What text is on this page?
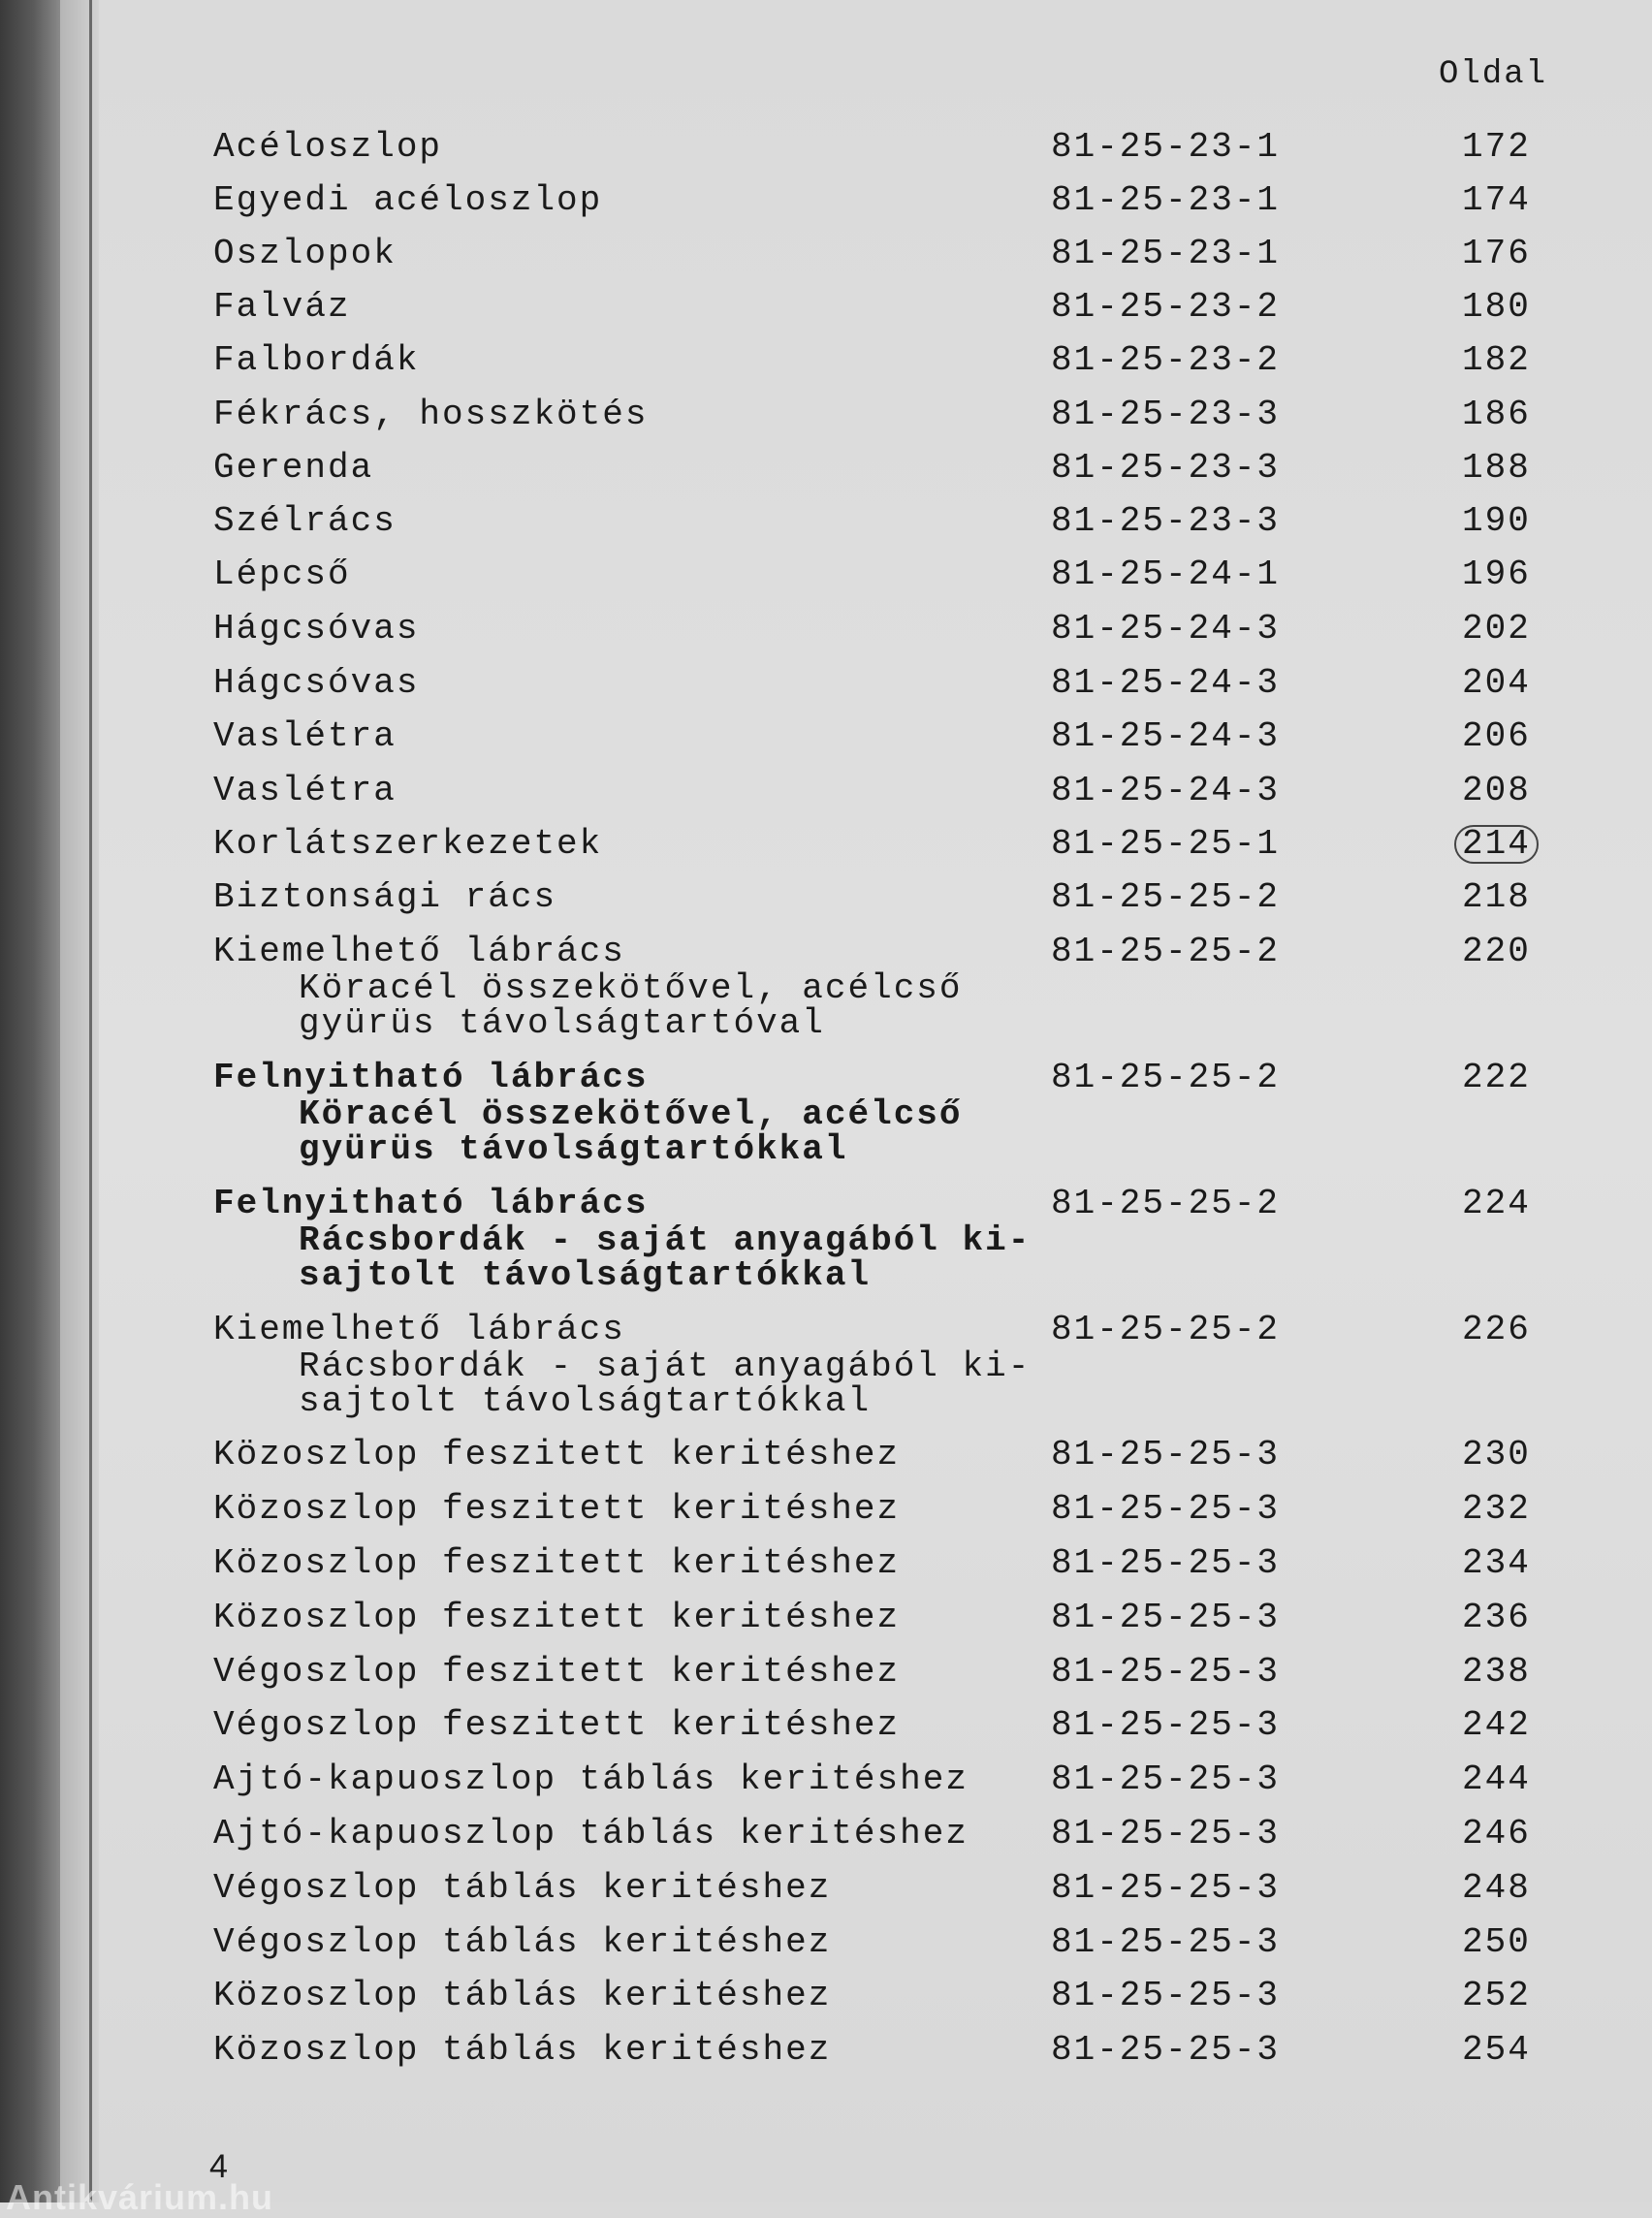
Oldal
Acéloszlop	81-25-23-1	172
Egyedi acéloszlop	81-25-23-1	174
Oszlopok	81-25-23-1	176
Falváz	81-25-23-2	180
Falbordák	81-25-23-2	182
Fékrács, hosszkötés	81-25-23-3	186
Gerenda	81-25-23-3	188
Szélrács	81-25-23-3	190
Lépcső	81-25-24-1	196
Hágcsóvas	81-25-24-3	202
Hágcsóvas	81-25-24-3	204
Vaslétra	81-25-24-3	206
Vaslétra	81-25-24-3	208
Korlátszerkezetek	81-25-25-1	214
Biztonsági rács	81-25-25-2	218
Kiemelhető lábrács	81-25-25-2	220
Köracél összekötővel, acélcső
gyürüs távolságtartóval
Felnyitható lábrács	81-25-25-2	222
Köracél összekötővel, acélcső
gyürüs távolságtartókkal
Felnyitható lábrács	81-25-25-2	224
Rácsbordák - saját anyagából ki-
sajtolt távolságtartókkal
Kiemelhető lábrács	81-25-25-2	226
Rácsbordák - saját anyagából ki-
sajtolt távolságtartókkal
Közoszlop feszitett keritéshez	81-25-25-3	230
Közoszlop feszitett keritéshez	81-25-25-3	232
Közoszlop feszitett keritéshez	81-25-25-3	234
Közoszlop feszitett keritéshez	81-25-25-3	236
Végoszlop feszitett keritéshez	81-25-25-3	238
Végoszlop feszitett keritéshez	81-25-25-3	242
Ajtó-kapuoszlop táblás keritéshez 81-25-25-3	244
Ajtó-kapuoszlop táblás keritéshez 81-25-25-3	246
Végoszlop táblás keritéshez	81-25-25-3	248
Végoszlop táblás keritéshez	81-25-25-3	250
Közoszlop táblás keritéshez	81-25-25-3	252
Közoszlop táblás keritéshez	81-25-25-3	254
4
Antikvárium.hu
